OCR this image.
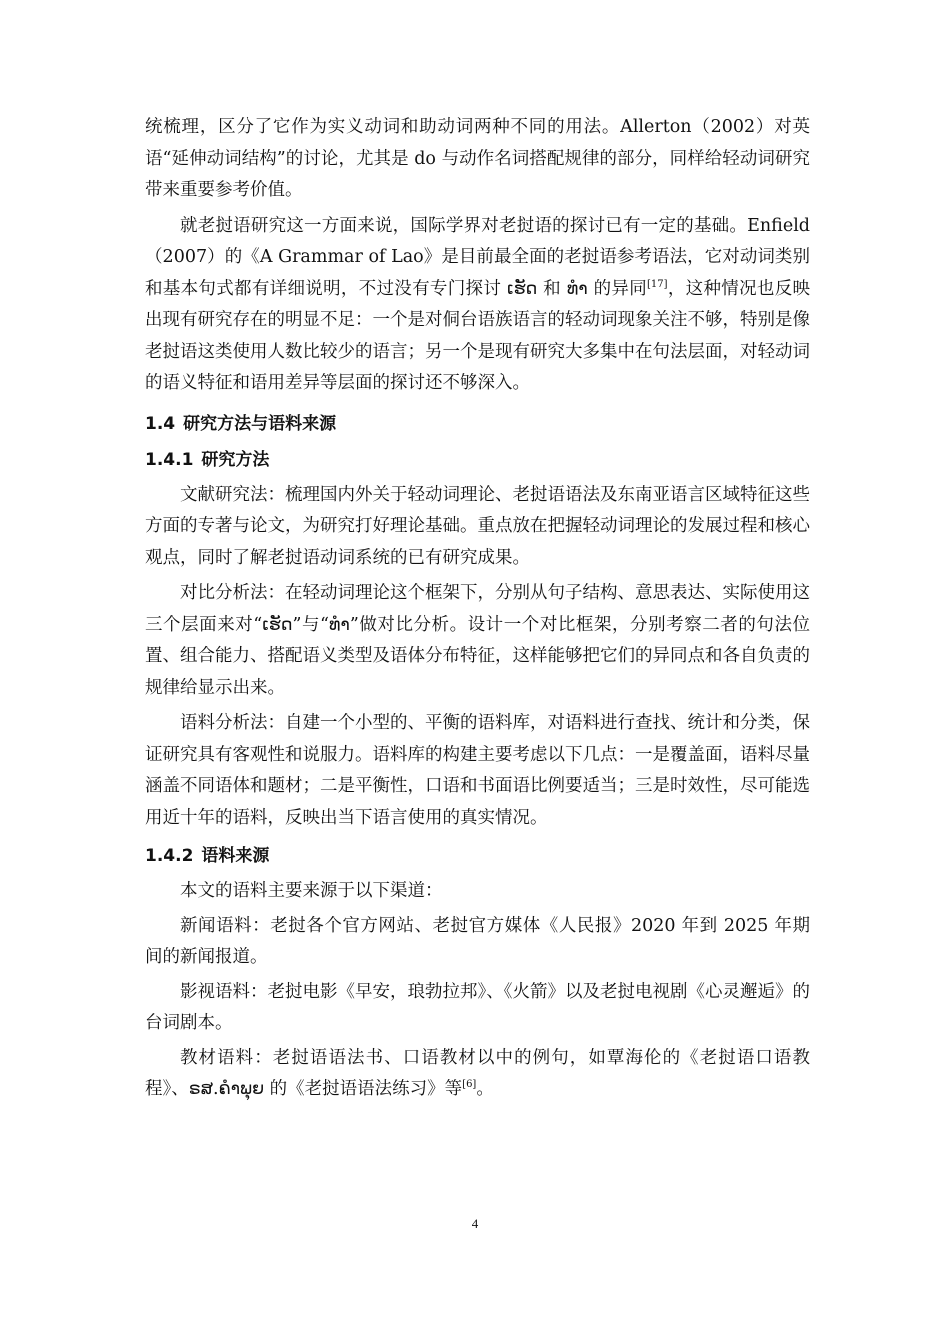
统梳理，区分了它作为实义动词和助动词两种不同的用法。Allerton（2002）对英语“延伸动词结构”的讨论，尤其是 do 与动作名词搭配规律的部分，同样给轻动词研究带来重要参考价值。

就老挝语研究这一方面来说，国际学界对老挝语的探讨已有一定的基础。Enfield（2007）的《A Grammar of Lao》是目前最全面的老挝语参考语法，它对动词类别和基本句式都有详细说明，不过没有专门探讨 ເຮັດ 和 ທຳ 的异同[17]，这种情况也反映出现有研究存在的明显不足：一个是对侗台语族语言的轻动词现象关注不够，特别是像老挝语这类使用人数比较少的语言；另一个是现有研究大多集中在句法层面，对轻动词的语义特征和语用差异等层面的探讨还不够深入。

1.4 研究方法与语料来源
1.4.1 研究方法

文献研究法：梳理国内外关于轻动词理论、老挝语语法及东南亚语言区域特征这些方面的专著与论文，为研究打好理论基础。重点放在把握轻动词理论的发展过程和核心观点，同时了解老挝语动词系统的已有研究成果。

对比分析法：在轻动词理论这个框架下，分别从句子结构、意思表达、实际使用这三个层面来对“ເຮັດ”与“ທຳ”做对比分析。设计一个对比框架，分别考察二者的句法位置、组合能力、搭配语义类型及语体分布特征，这样能够把它们的异同点和各自负责的规律给显示出来。

语料分析法：自建一个小型的、平衡的语料库，对语料进行查找、统计和分类，保证研究具有客观性和说服力。语料库的构建主要考虑以下几点：一是覆盖面，语料尽量涵盖不同语体和题材；二是平衡性，口语和书面语比例要适当；三是时效性，尽可能选用近十年的语料，反映出当下语言使用的真实情况。

1.4.2 语料来源

本文的语料主要来源于以下渠道：

新闻语料：老挝各个官方网站、老挝官方媒体《人民报》2020 年到 2025 年期间的新闻报道。

影视语料：老挝电影《早安，琅勃拉邦》、《火箭》以及老挝电视剧《心灵邂逅》的台词剧本。

教材语料：老挝语语法书、口语教材以中的例句，如覃海伦的《老挝语口语教程》、ຣສ.ຄຳພຸຍ 的《老挝语语法练习》等[6]。

4
